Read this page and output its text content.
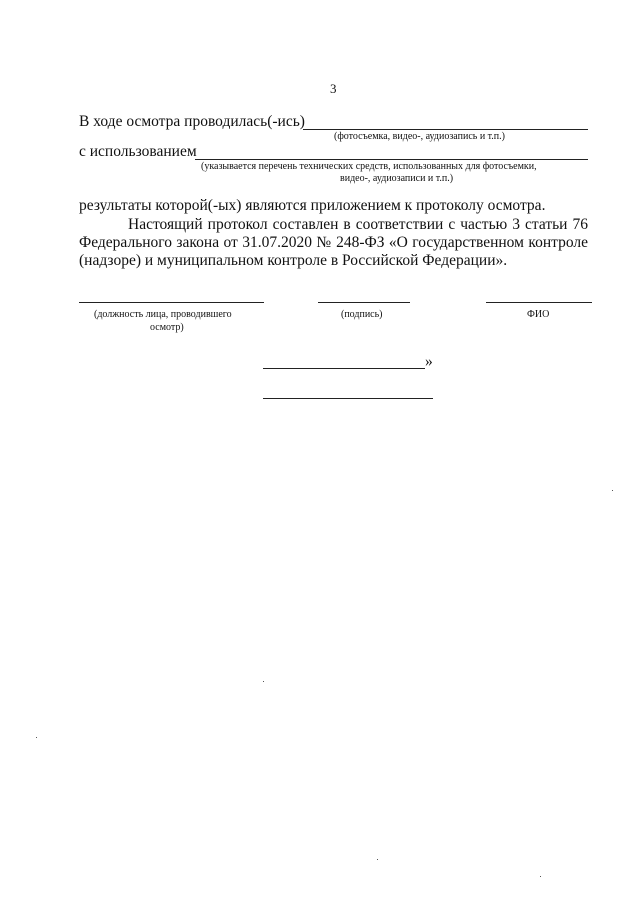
3
В ходе осмотра проводилась(-ись)
(фотосъемка, видео-, аудиозапись и т.п.)
с использованием
(указывается перечень технических средств, использованных для фотосъемки,
видео-, аудиозаписи и т.п.)
результаты которой(-ых) являются приложением к протоколу осмотра.
Настоящий протокол составлен в соответствии с частью 3 статьи 76
Федерального закона от 31.07.2020 № 248-ФЗ «О государственном контроле
(надзоре) и муниципальном контроле в Российской Федерации».
(должность лица, проводившего
осмотр)
(подпись)	ФИО
»
